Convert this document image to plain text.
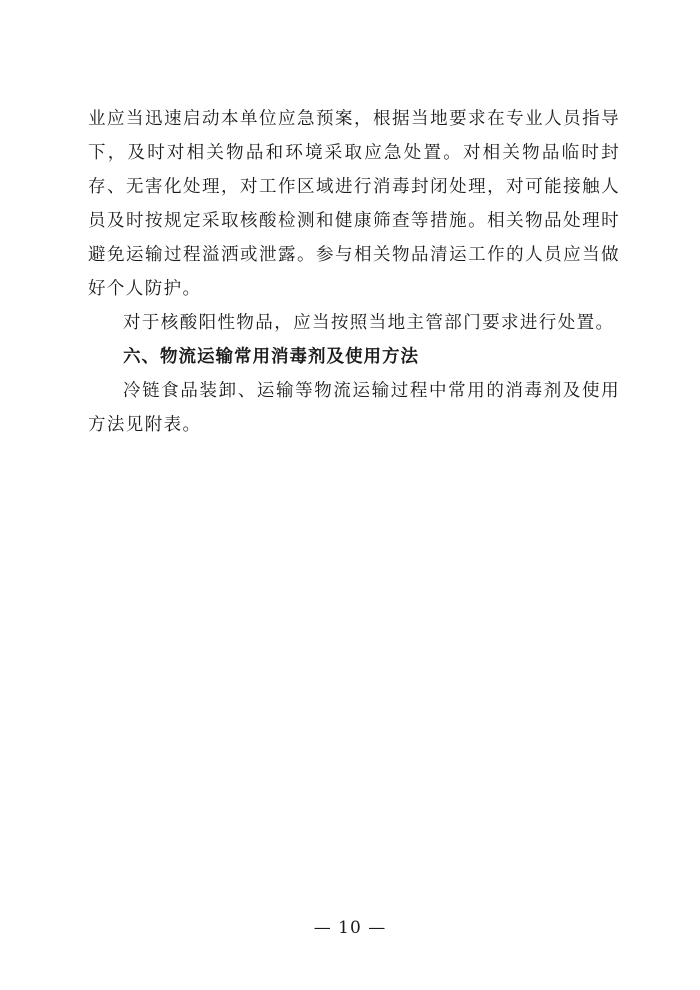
业应当迅速启动本单位应急预案，根据当地要求在专业人员指导下，及时对相关物品和环境采取应急处置。对相关物品临时封存、无害化处理，对工作区域进行消毒封闭处理，对可能接触人员及时按规定采取核酸检测和健康筛查等措施。相关物品处理时避免运输过程溢洒或泄露。参与相关物品清运工作的人员应当做好个人防护。

对于核酸阳性物品，应当按照当地主管部门要求进行处置。

六、物流运输常用消毒剂及使用方法

冷链食品装卸、运输等物流运输过程中常用的消毒剂及使用方法见附表。

— 10 —
